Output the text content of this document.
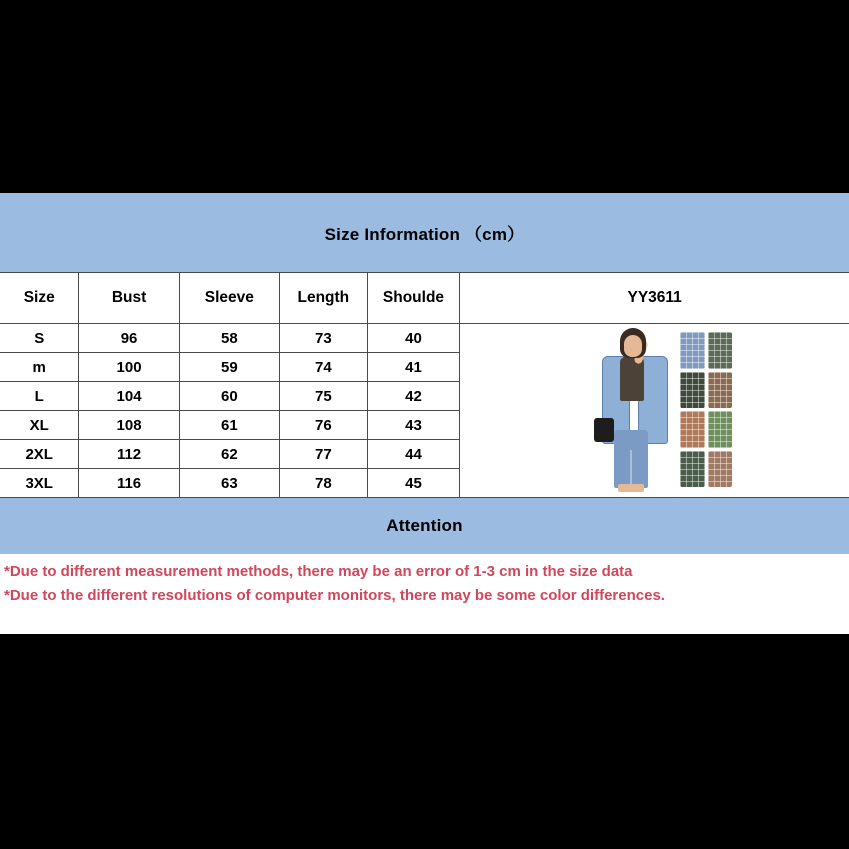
Size Information （cm）
Size	Bust	Sleeve	Length	Shoulde
S	96	58	73	40
m	100	59	74	41
L	104	60	75	42
XL	108	61	76	43
2XL	112	62	77	44
3XL	116	63	78	45
YY3611
Attention
*Due to different measurement methods, there may be an error of 1-3 cm in the size data
*Due to the different resolutions of computer monitors, there may be some color differences.
